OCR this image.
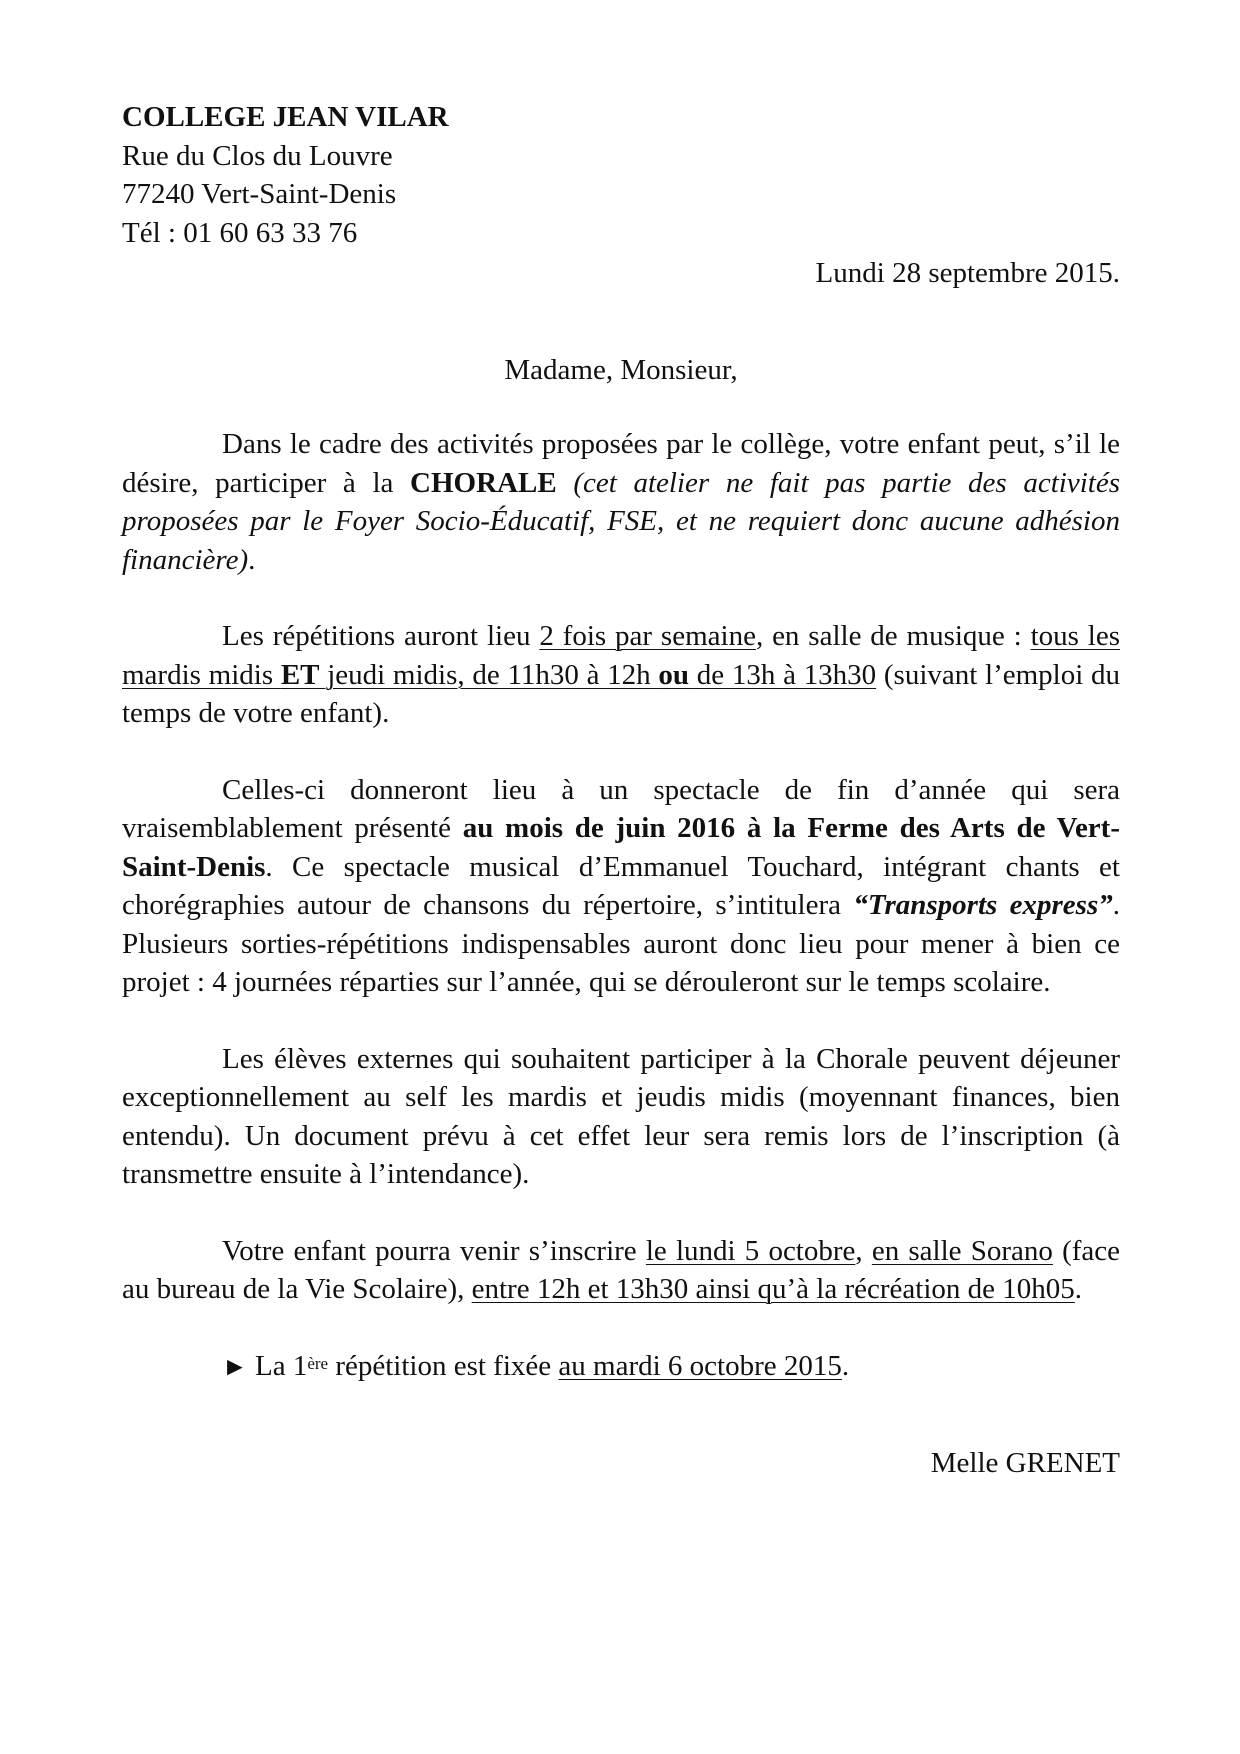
COLLEGE JEAN VILAR
Rue du Clos du Louvre
77240 Vert-Saint-Denis
Tél : 01 60 63 33 76
Lundi 28 septembre 2015.
Madame, Monsieur,

Dans le cadre des activités proposées par le collège, votre enfant peut, s’il le désire, participer à la CHORALE (cet atelier ne fait pas partie des activités proposées par le Foyer Socio-Éducatif, FSE, et ne requiert donc aucune adhésion financière).

Les répétitions auront lieu 2 fois par semaine, en salle de musique : tous les mardis midis ET jeudi midis, de 11h30 à 12h ou de 13h à 13h30 (suivant l’emploi du temps de votre enfant).

Celles-ci donneront lieu à un spectacle de fin d’année qui sera vraisemblablement présenté au mois de juin 2016 à la Ferme des Arts de Vert-Saint-Denis. Ce spectacle musical d’Emmanuel Touchard, intégrant chants et chorégraphies autour de chansons du répertoire, s’intitulera “Transports express”. Plusieurs sorties-répétitions indispensables auront donc lieu pour mener à bien ce projet : 4 journées réparties sur l’année, qui se dérouleront sur le temps scolaire.

Les élèves externes qui souhaitent participer à la Chorale peuvent déjeuner exceptionnellement au self les mardis et jeudis midis (moyennant finances, bien entendu). Un document prévu à cet effet leur sera remis lors de l’inscription (à transmettre ensuite à l’intendance).

Votre enfant pourra venir s’inscrire le lundi 5 octobre, en salle Sorano (face au bureau de la Vie Scolaire), entre 12h et 13h30 ainsi qu’à la récréation de 10h05.

► La 1ère répétition est fixée au mardi 6 octobre 2015.

Melle GRENET
